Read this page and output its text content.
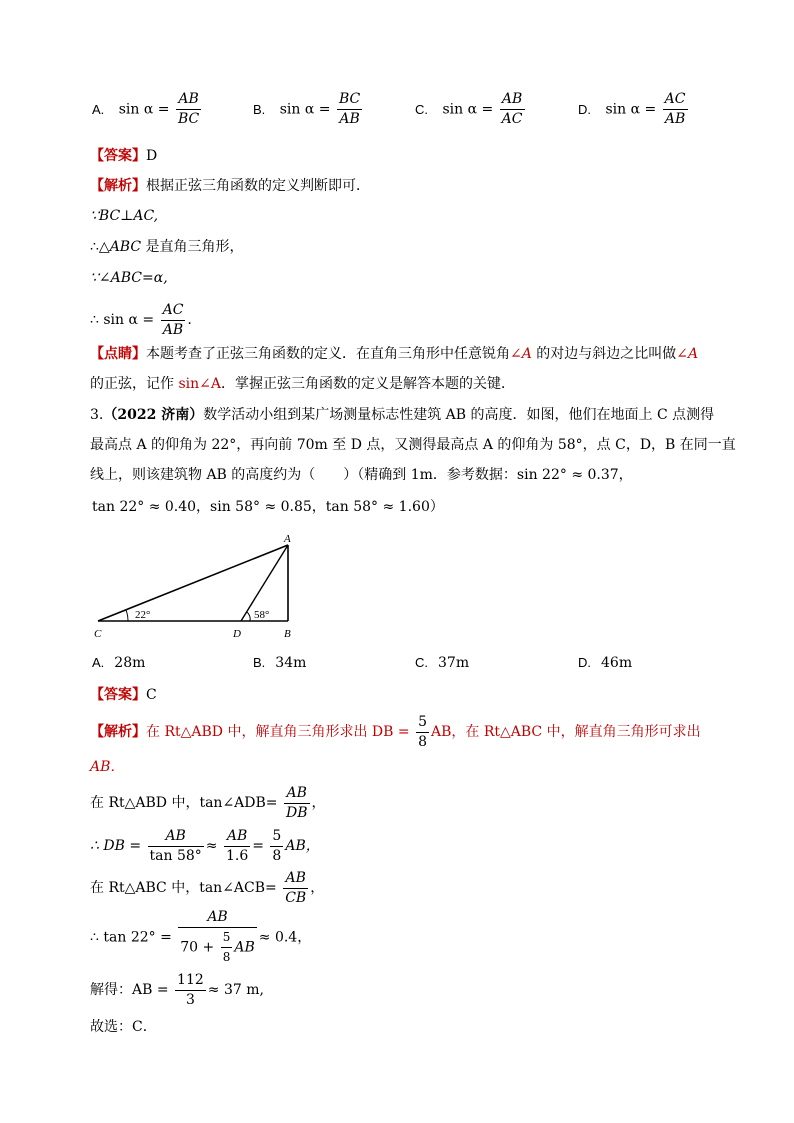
A. $\sin \alpha = \frac{AB}{BC}$	B. $\sin \alpha = \frac{BC}{AB}$	C. $\sin \alpha = \frac{AB}{AC}$	D. $\sin \alpha = \frac{AC}{AB}$
【答案】D
【解析】根据正弦三角函数的定义判断即可．
∵BC⊥AC,
∴△ABC 是直角三角形，
∵∠ABC=α,
∴ $\sin \alpha = \frac{AC}{AB}$ .
【点睛】本题考查了正弦三角函数的定义．在直角三角形中任意锐角∠A 的对边与斜边之比叫做∠A
的正弦，记作 sin∠A．掌握正弦三角函数的定义是解答本题的关键．
3.（2022 济南）数学活动小组到某广场测量标志性建筑 AB 的高度．如图，他们在地面上 C 点测得
最高点 A 的仰角为 22°，再向前 70m 至 D 点，又测得最高点 A 的仰角为 58°，点 C，D，B 在同一直
线上，则该建筑物 AB 的高度约为（　　）（精确到 1m．参考数据：sin 22° ≈ 0.37，
tan 22° ≈ 0.40，sin 58° ≈ 0.85，tan 58° ≈ 1.60）
22°	58°
A
B
C	D
A. 28m	B. 34m	C. 37m	D. 46m
【答案】C
【解析】在 Rt△ABD 中，解直角三角形求出 DB = $\frac{5}{8}$ AB，在 Rt△ABC 中，解直角三角形可求出
AB．
在 Rt△ABD 中，tan∠ADB= $\frac{AB}{DB}$ ，
∴ DB = $\frac{AB}{\tan 58^\circ} \approx \frac{AB}{1.6} = \frac{5}{8}$ AB，
在 Rt△ABC 中，tan∠ACB= $\frac{AB}{CB}$ ，
∴ $\tan 22^\circ = \frac{AB}{70 + \frac{5}{8} AB} \approx 0.4$，
解得：AB = $\frac{112}{3} \approx 37$ m,
故选：C．
